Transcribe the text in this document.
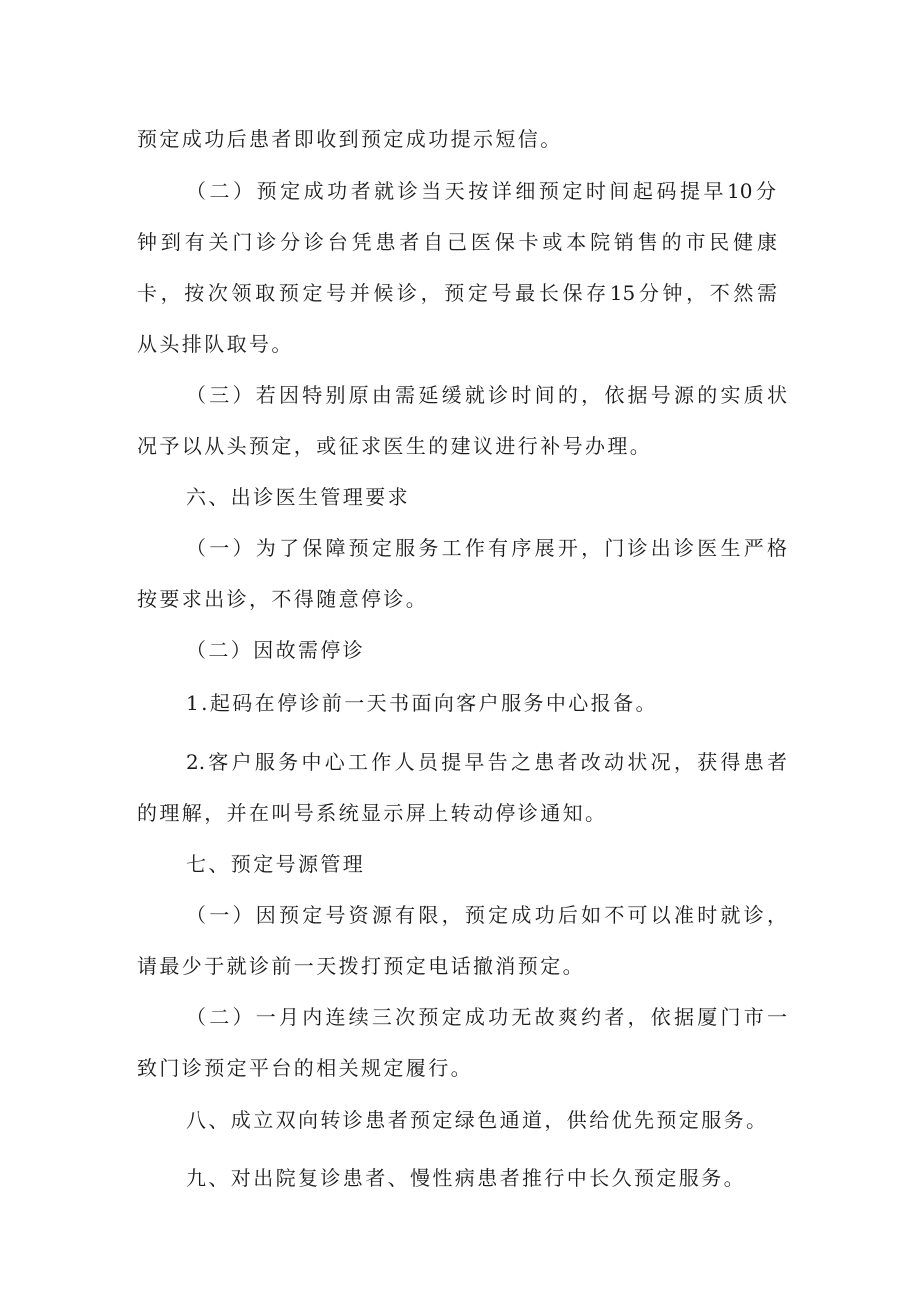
预定成功后患者即收到预定成功提示短信。
（二）预定成功者就诊当天按详细预定时间起码提早10分
钟到有关门诊分诊台凭患者自己医保卡或本院销售的市民健康
卡，按次领取预定号并候诊，预定号最长保存15分钟，不然需
从头排队取号。
（三）若因特别原由需延缓就诊时间的，依据号源的实质状
况予以从头预定，或征求医生的建议进行补号办理。
六、出诊医生管理要求
（一）为了保障预定服务工作有序展开，门诊出诊医生严格
按要求出诊，不得随意停诊。
（二）因故需停诊
1.起码在停诊前一天书面向客户服务中心报备。
2.客户服务中心工作人员提早告之患者改动状况，获得患者
的理解，并在叫号系统显示屏上转动停诊通知。
七、预定号源管理
（一）因预定号资源有限，预定成功后如不可以准时就诊，
请最少于就诊前一天拨打预定电话撤消预定。
（二）一月内连续三次预定成功无故爽约者，依据厦门市一
致门诊预定平台的相关规定履行。
八、成立双向转诊患者预定绿色通道，供给优先预定服务。
九、对出院复诊患者、慢性病患者推行中长久预定服务。
